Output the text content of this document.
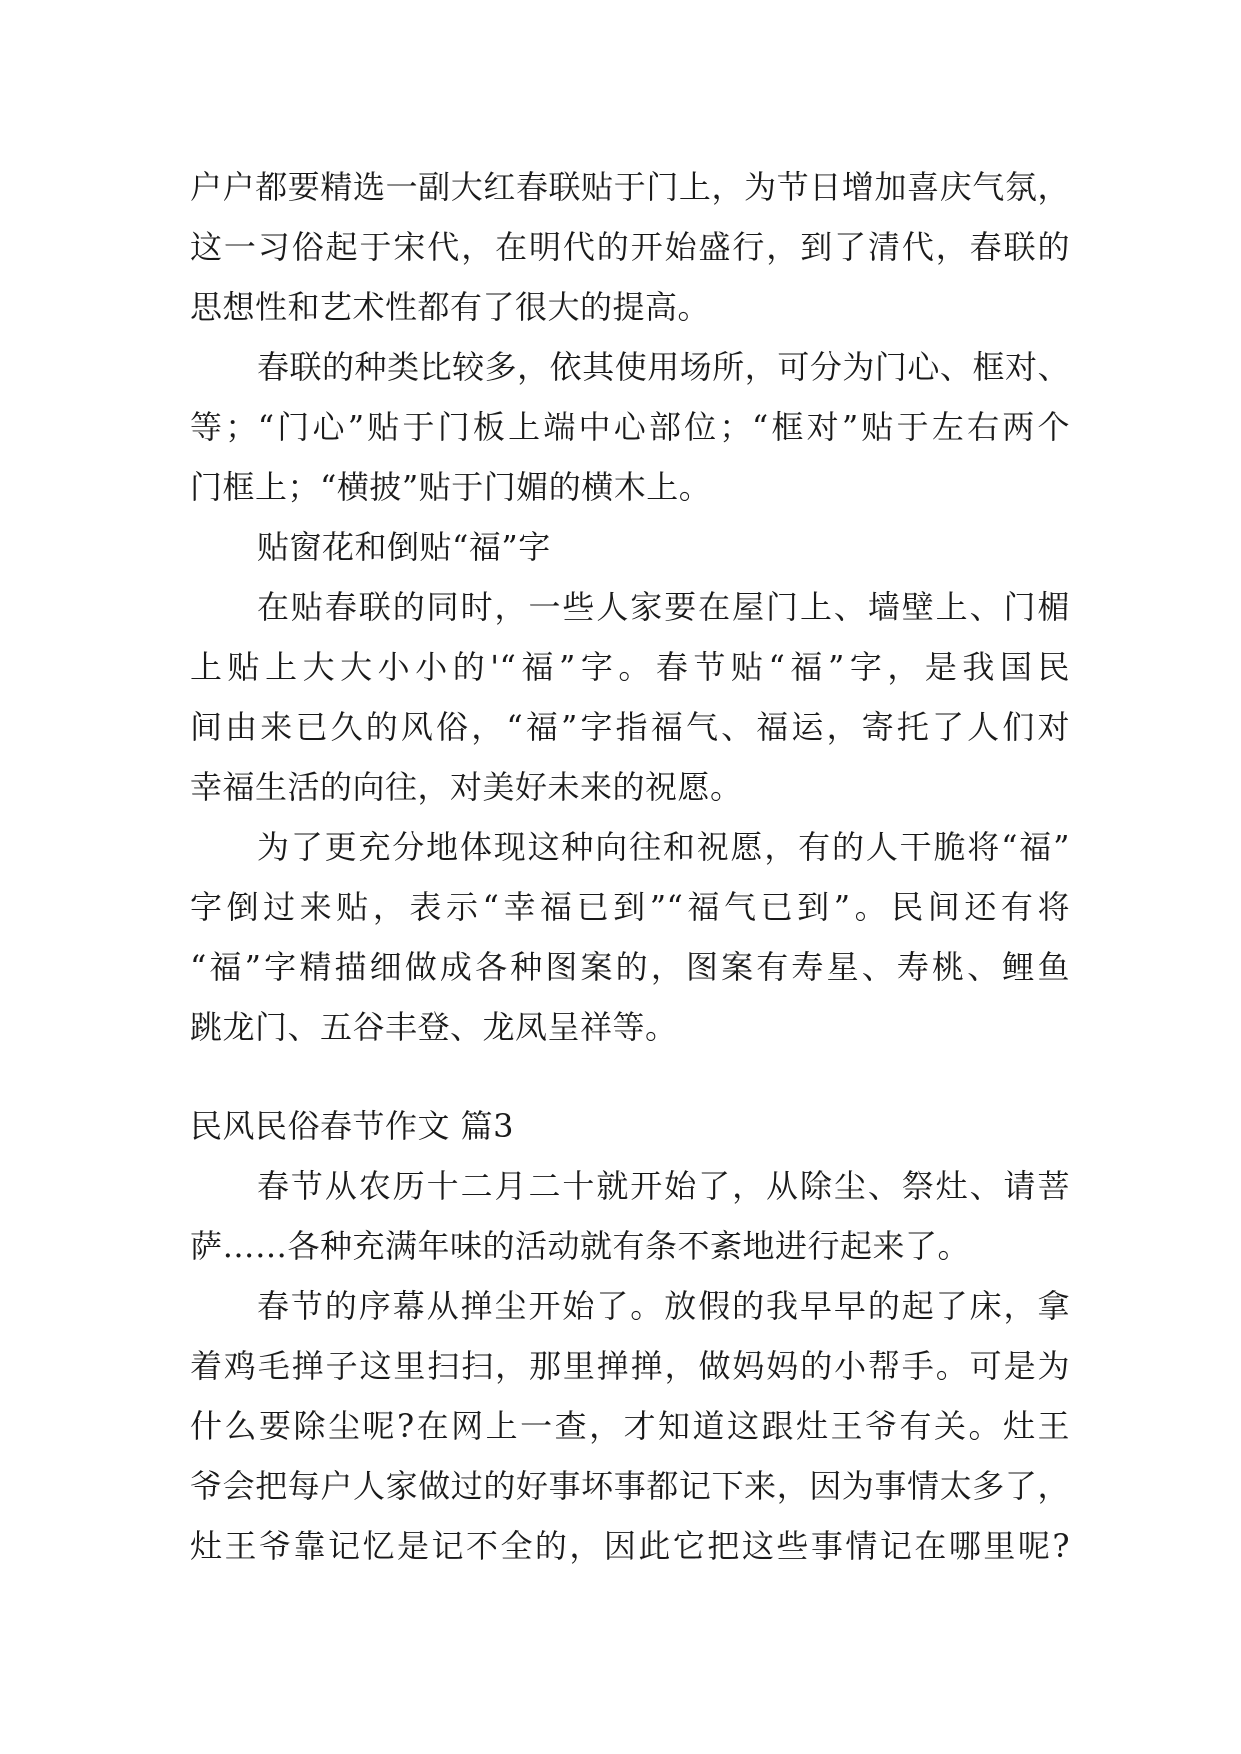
户户都要精选一副大红春联贴于门上，为节日增加喜庆气氛，
这一习俗起于宋代，在明代的开始盛行，到了清代，春联的
思想性和艺术性都有了很大的提高。
春联的种类比较多，依其使用场所，可分为门心、框对、
等；“门心”贴于门板上端中心部位；“框对”贴于左右两个
门框上；“横披”贴于门媚的横木上。
贴窗花和倒贴“福”字
在贴春联的同时，一些人家要在屋门上、墙壁上、门楣
上贴上大大小小的'“福”字。春节贴“福”字，是我国民
间由来已久的风俗，“福”字指福气、福运，寄托了人们对
幸福生活的向往，对美好未来的祝愿。
为了更充分地体现这种向往和祝愿，有的人干脆将“福”
字倒过来贴，表示“幸福已到”“福气已到”。民间还有将
“福”字精描细做成各种图案的，图案有寿星、寿桃、鲤鱼
跳龙门、五谷丰登、龙凤呈祥等。
民风民俗春节作文 篇3
春节从农历十二月二十就开始了，从除尘、祭灶、请菩
萨……各种充满年味的活动就有条不紊地进行起来了。
春节的序幕从掸尘开始了。放假的我早早的起了床，拿
着鸡毛掸子这里扫扫，那里掸掸，做妈妈的小帮手。可是为
什么要除尘呢?在网上一查，才知道这跟灶王爷有关。灶王
爷会把每户人家做过的好事坏事都记下来，因为事情太多了，
灶王爷靠记忆是记不全的，因此它把这些事情记在哪里呢?
